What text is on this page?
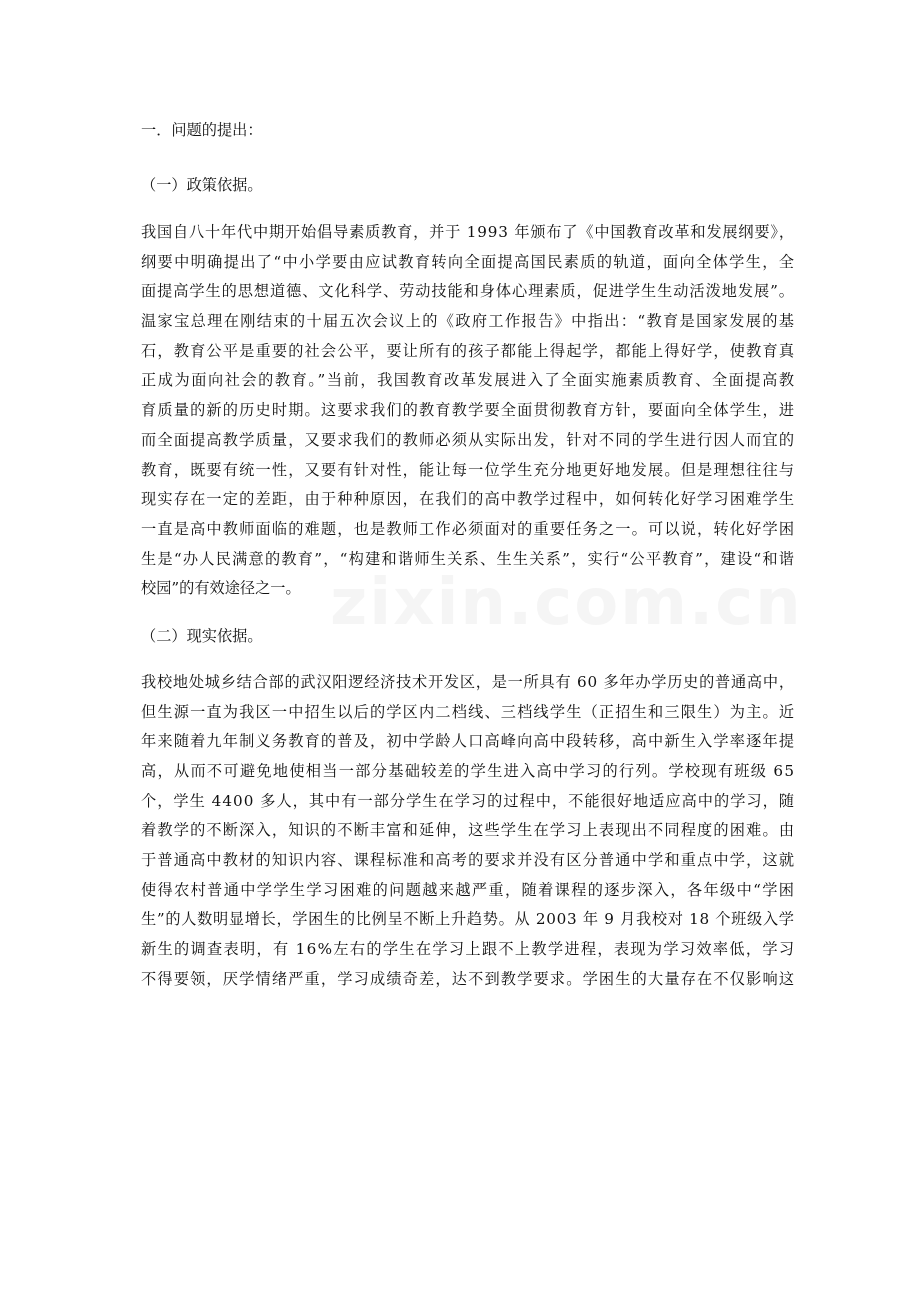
zixin.com.cn

一．问题的提出：

（一）政策依据。

我国自八十年代中期开始倡导素质教育，并于 1993 年颁布了《中国教育改革和发展纲要》，
纲要中明确提出了“中小学要由应试教育转向全面提高国民素质的轨道，面向全体学生，全
面提高学生的思想道德、文化科学、劳动技能和身体心理素质，促进学生生动活泼地发展”。
温家宝总理在刚结束的十届五次会议上的《政府工作报告》中指出：“教育是国家发展的基
石，教育公平是重要的社会公平，要让所有的孩子都能上得起学，都能上得好学，使教育真
正成为面向社会的教育。”当前，我国教育改革发展进入了全面实施素质教育、全面提高教
育质量的新的历史时期。这要求我们的教育教学要全面贯彻教育方针，要面向全体学生，进
而全面提高教学质量，又要求我们的教师必须从实际出发，针对不同的学生进行因人而宜的
教育，既要有统一性，又要有针对性，能让每一位学生充分地更好地发展。但是理想往往与
现实存在一定的差距，由于种种原因，在我们的高中教学过程中，如何转化好学习困难学生
一直是高中教师面临的难题，也是教师工作必须面对的重要任务之一。可以说，转化好学困
生是“办人民满意的教育”，“构建和谐师生关系、生生关系”，实行“公平教育”，建设“和谐
校园”的有效途径之一。

（二）现实依据。

我校地处城乡结合部的武汉阳逻经济技术开发区，是一所具有 60 多年办学历史的普通高中，
但生源一直为我区一中招生以后的学区内二档线、三档线学生（正招生和三限生）为主。近
年来随着九年制义务教育的普及，初中学龄人口高峰向高中段转移，高中新生入学率逐年提
高，从而不可避免地使相当一部分基础较差的学生进入高中学习的行列。学校现有班级 65
个，学生 4400 多人，其中有一部分学生在学习的过程中，不能很好地适应高中的学习，随
着教学的不断深入，知识的不断丰富和延伸，这些学生在学习上表现出不同程度的困难。由
于普通高中教材的知识内容、课程标准和高考的要求并没有区分普通中学和重点中学，这就
使得农村普通中学学生学习困难的问题越来越严重，随着课程的逐步深入，各年级中“学困
生”的人数明显增长，学困生的比例呈不断上升趋势。从 2003 年 9 月我校对 18 个班级入学
新生的调查表明，有 16%左右的学生在学习上跟不上教学进程，表现为学习效率低，学习
不得要领，厌学情绪严重，学习成绩奇差，达不到教学要求。学困生的大量存在不仅影响这
